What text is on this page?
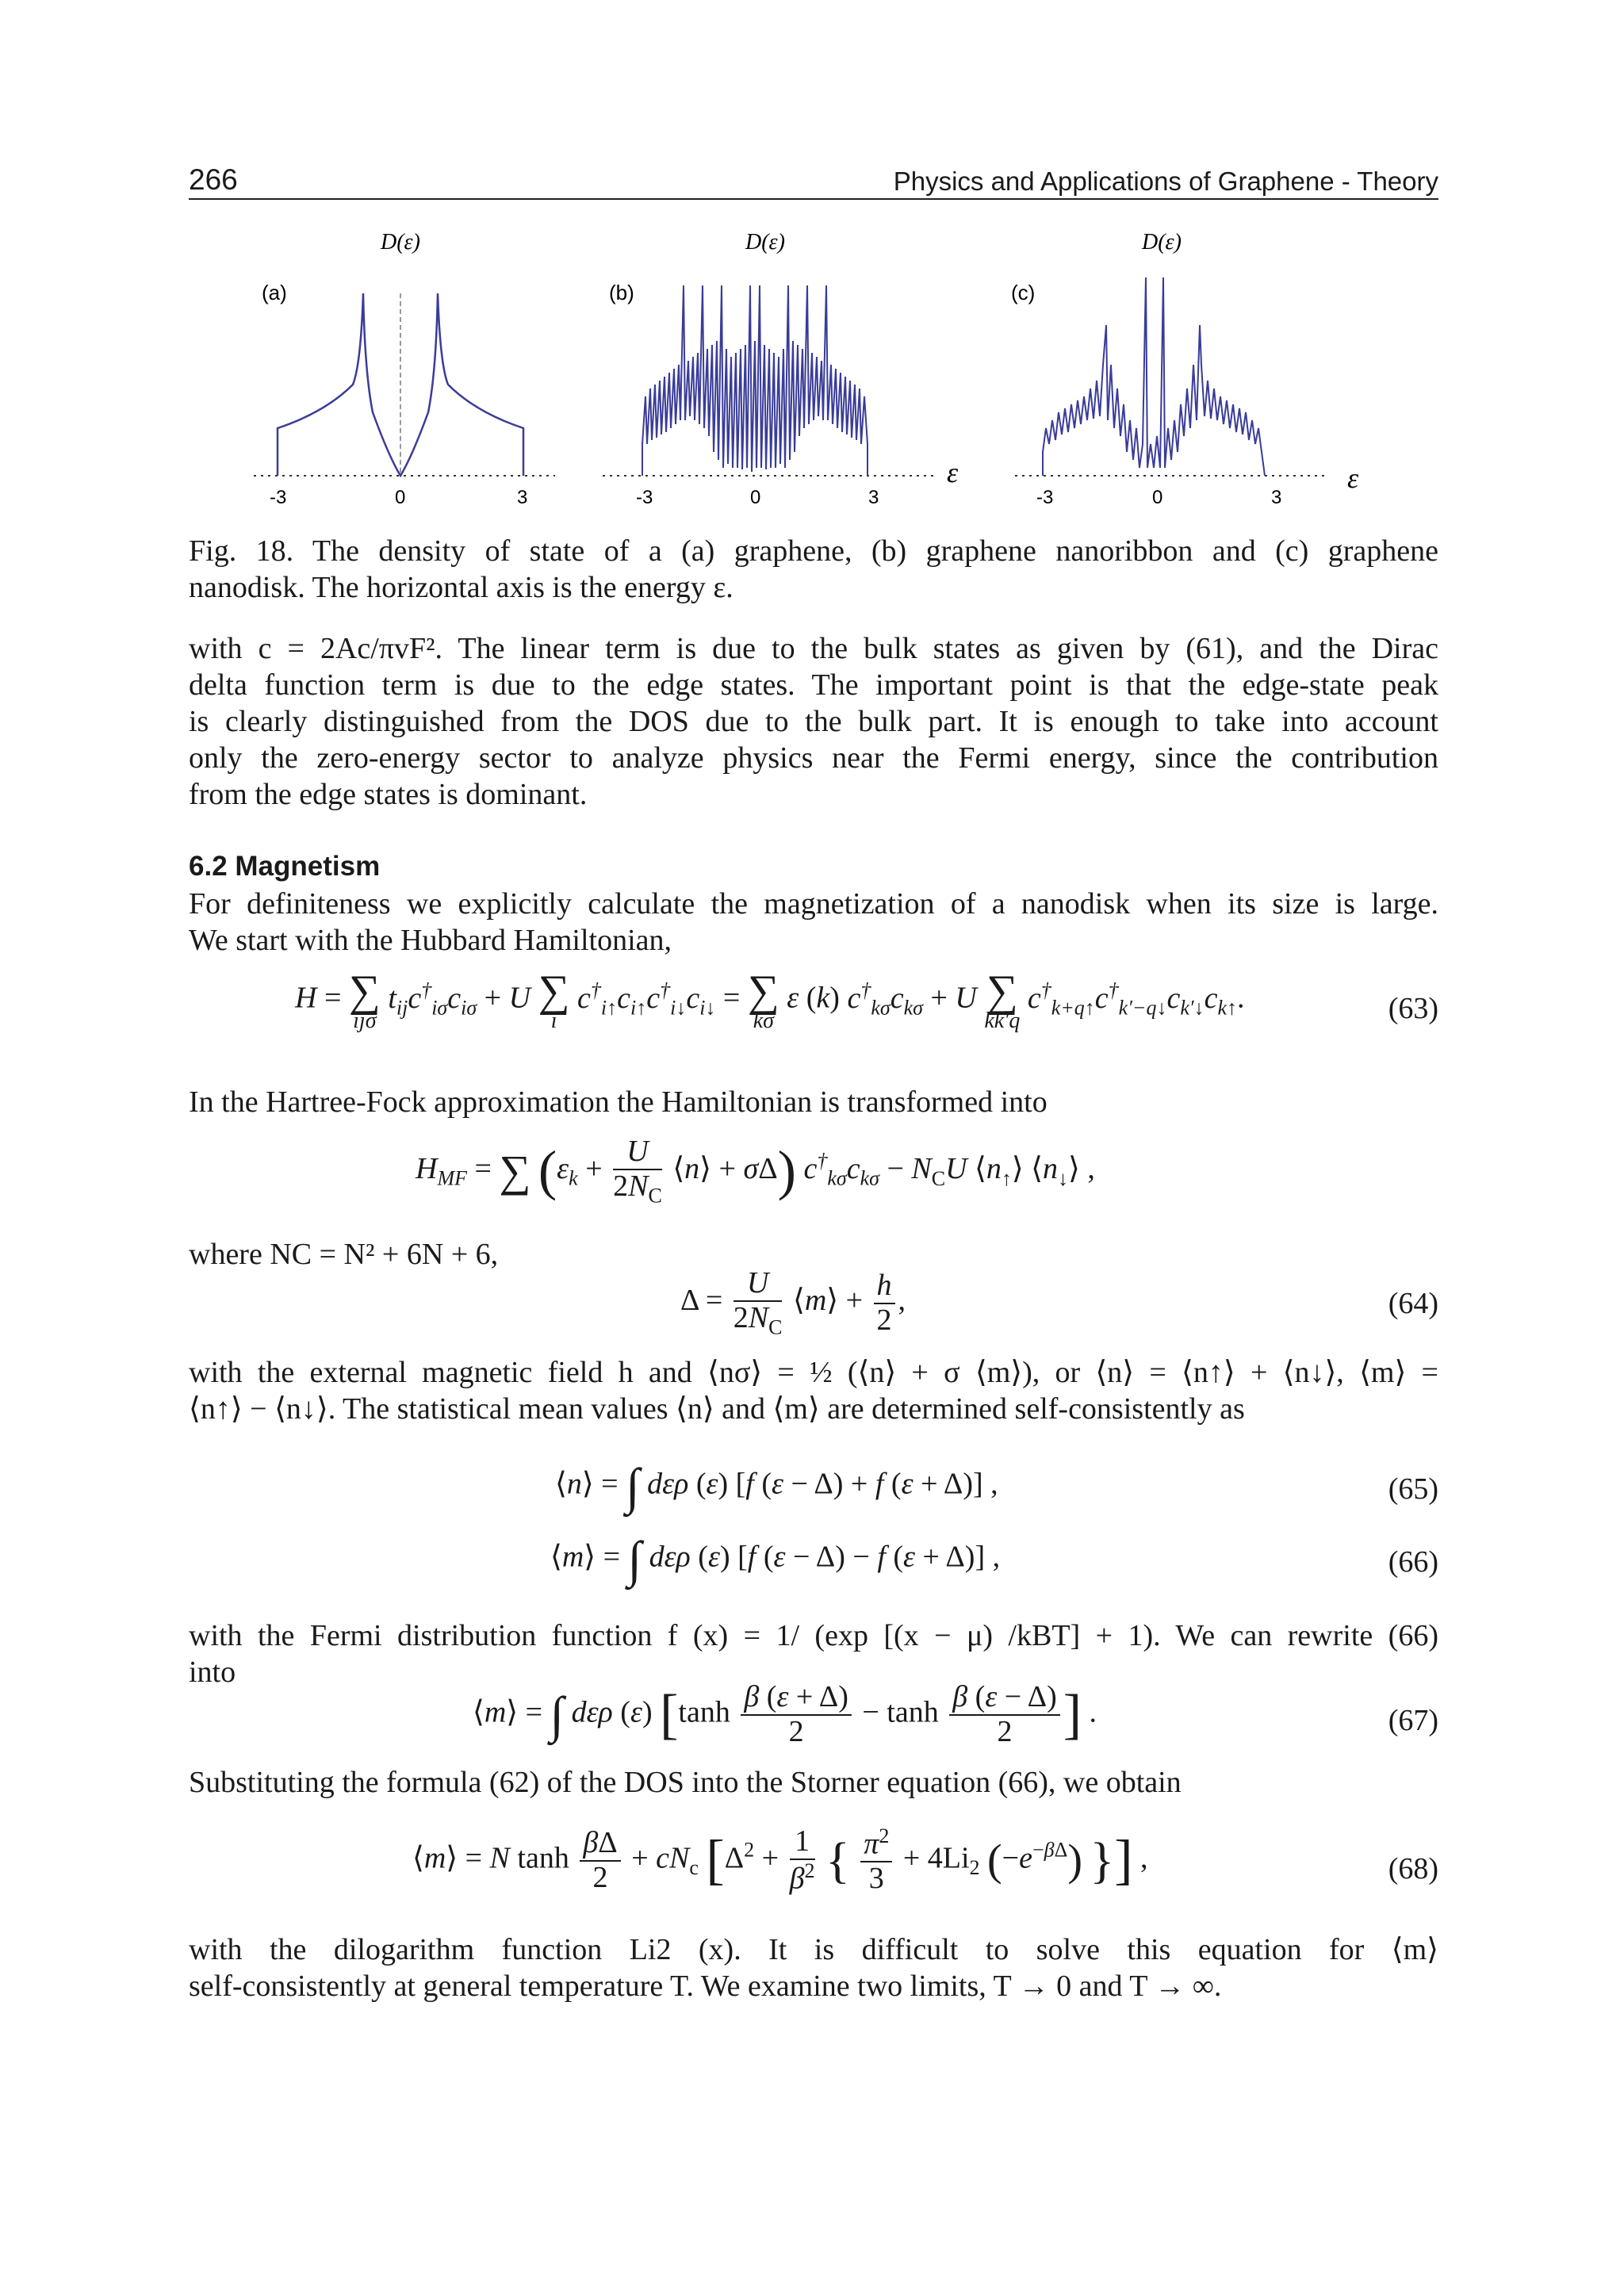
266	Physics and Applications of Graphene - Theory
D(ε)
(a)
-3	0	3
D(ε)
(b)
-3	0	3
ε
D(ε)
(c)
-3	0	3
ε
Fig. 18. The density of state of a (a) graphene, (b) graphene nanoribbon and (c) graphene
nanodisk. The horizontal axis is the energy ε.
with c = 2Ac/πvF². The linear term is due to the bulk states as given by (61), and the Dirac
delta function term is due to the edge states. The important point is that the edge-state peak
is clearly distinguished from the DOS due to the bulk part. It is enough to take into account
only the zero-energy sector to analyze physics near the Fermi energy, since the contribution
from the edge states is dominant.
6.2 Magnetism
For definiteness we explicitly calculate the magnetization of a nanodisk when its size is large.
We start with the Hubbard Hamiltonian,
H = ∑
ijσ
$t_{ij}c^\dagger_{i\sigma}c_{i\sigma} + U$ ∑
i
$c^\dagger_{i↑}c_{i↑}c^\dagger_{i↓}c_{i↓}$ = ∑
kσ
ε (k) $c^\dagger_{k\sigma}c_{k\sigma} + U$ ∑
kk′q
$c^\dagger_{k+q↑}c^\dagger_{k'-q↓}c_{k'↓}c_{k↑}$.	(63)
In the Hartree-Fock approximation the Hamiltonian is transformed into
$H_{MF}$ = ∑ ($\varepsilon_k + \frac{U}{2N_C}$ ⟨n⟩ + σΔ) $c^\dagger_{k\sigma}c_{k\sigma} - N_CU$ $⟨n_↑⟩$ $⟨n_↓⟩$ ,
where NC = N² + 6N + 6,
$\Delta = \frac{U}{2N_C}$ ⟨m⟩ + $\frac{h}{2}$ ,	(64)
with the external magnetic field h and ⟨nσ⟩ = ½ (⟨n⟩ + σ ⟨m⟩), or ⟨n⟩ = ⟨n↑⟩ + ⟨n↓⟩, ⟨m⟩ =
⟨n↑⟩ − ⟨n↓⟩. The statistical mean values ⟨n⟩ and ⟨m⟩ are determined self-consistently as
⟨n⟩ = ∫ dερ (ε) [f (ε − Δ) + f (ε + Δ)] ,	(65)
⟨m⟩ = ∫ dερ (ε) [f (ε − Δ) − f (ε + Δ)] ,	(66)
with the Fermi distribution function f (x) = 1/ (exp [(x − μ) /kBT] + 1). We can rewrite (66)
into
⟨m⟩ = ∫ dερ (ε) [$\tanh \frac{\beta (\varepsilon + \Delta)}{2} - \tanh \frac{\beta (\varepsilon - \Delta)}{2}$ ] .	(67)
Substituting the formula (62) of the DOS into the Storner equation (66), we obtain
⟨m⟩ = N $\tanh \frac{\beta\Delta}{2} + cN_c$ [$\Delta^2 + \frac{1}{\beta^2}$ { $\frac{\pi^2}{3} + 4Li_2$ $(-e^{-\beta\Delta})$ }] ,	(68)
with the dilogarithm function Li2 (x). It is difficult to solve this equation for ⟨m⟩
self-consistently at general temperature T. We examine two limits, T → 0 and T → ∞.
